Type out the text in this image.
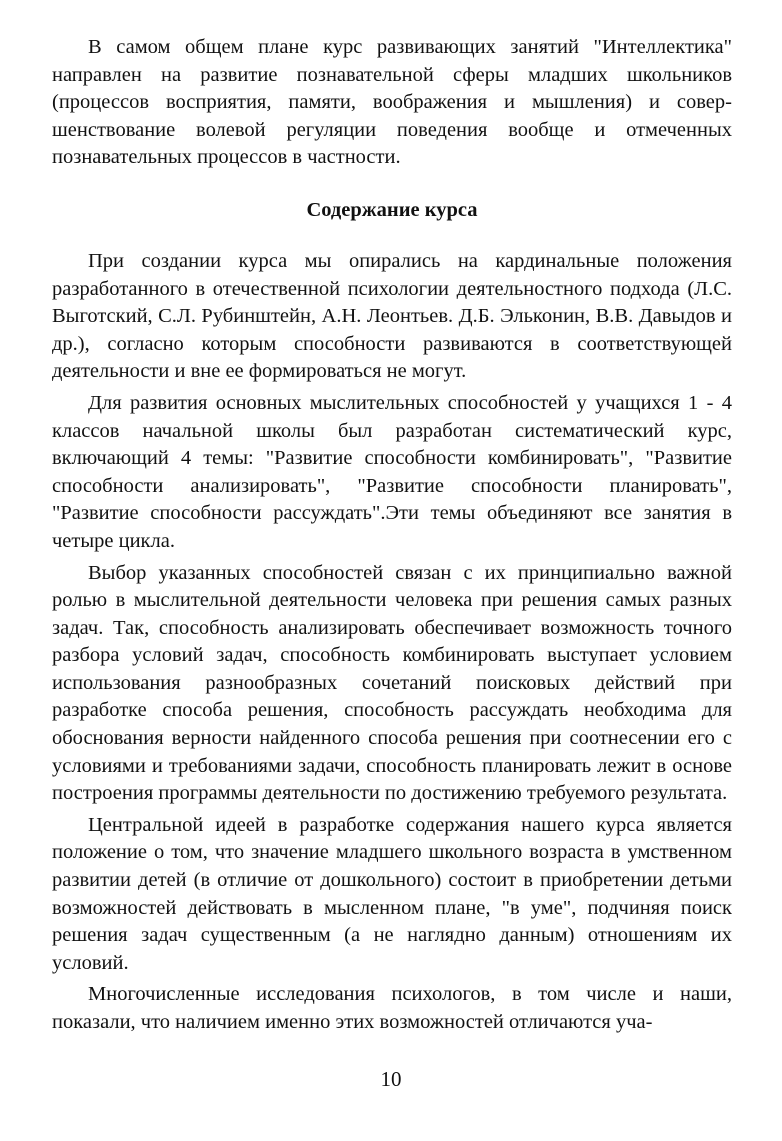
В самом общем плане курс развивающих занятий "Интеллектика" направлен на развитие познавательной сферы младших школьников (процессов восприятия, памяти, воображения и мышления) и совершенствование волевой регуляции поведения вообще и отмеченных познавательных процессов в частности.

Содержание курса

При создании курса мы опирались на кардинальные положения разработанного в отечественной психологии деятельностного подхода (Л.С. Выготский, С.Л. Рубинштейн, А.Н. Леонтьев. Д.Б. Эльконин, В.В. Давыдов и др.), согласно которым способности развиваются в соответствующей деятельности и вне ее формироваться не могут.

Для развития основных мыслительных способностей у учащихся 1 - 4 классов начальной школы был разработан систематический курс, включающий 4 темы: "Развитие способности комбинировать", "Развитие способности анализировать", "Развитие способности планировать", "Развитие способности рассуждать".Эти темы объединяют все занятия в четыре цикла.

Выбор указанных способностей связан с их принципиально важной ролью в мыслительной деятельности человека при решения самых разных задач. Так, способность анализировать обеспечивает возможность точного разбора условий задач, способность комбинировать выступает условием использования разнообразных сочетаний поисковых действий при разработке способа решения, способность рассуждать необходима для обоснования верности найденного способа решения при соотнесении его с условиями и требованиями задачи, способность планировать лежит в основе построения программы деятельности по достижению требуемого результата.

Центральной идеей в разработке содержания нашего курса является положение о том, что значение младшего школьного возраста в умственном развитии детей (в отличие от дошкольного) состоит в приобретении детьми возможностей действовать в мысленном плане, "в уме", подчиняя поиск решения задач существенным (а не наглядно данным) отношениям их условий.

Многочисленные исследования психологов, в том числе и наши, показали, что наличием именно этих возможностей отличаются уча-

10
